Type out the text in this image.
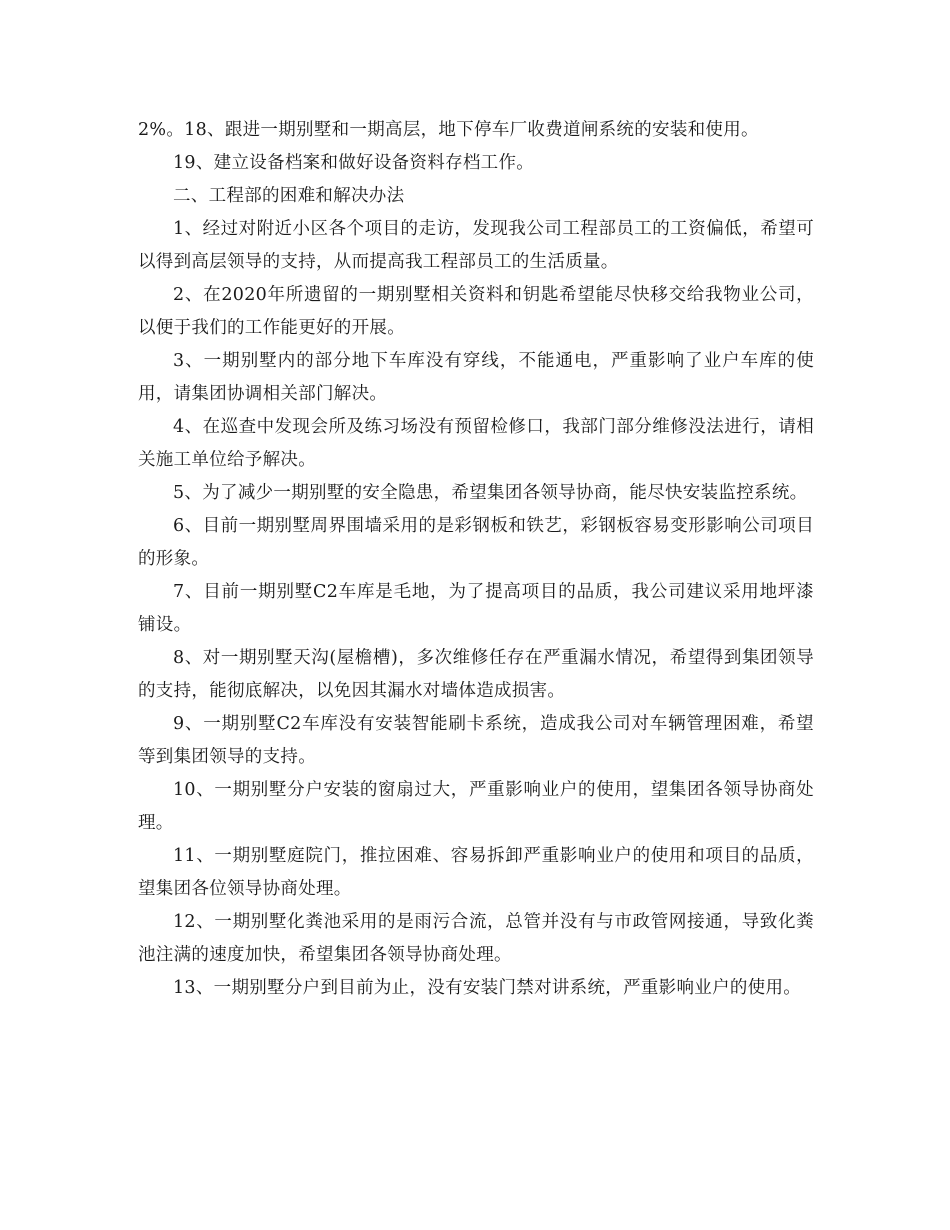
2%。18、跟进一期别墅和一期高层，地下停车厂收费道闸系统的安装和使用。

19、建立设备档案和做好设备资料存档工作。

二、工程部的困难和解决办法

1、经过对附近小区各个项目的走访，发现我公司工程部员工的工资偏低，希望可以得到高层领导的支持，从而提高我工程部员工的生活质量。

2、在2020年所遗留的一期别墅相关资料和钥匙希望能尽快移交给我物业公司，以便于我们的工作能更好的开展。

3、一期别墅内的部分地下车库没有穿线，不能通电，严重影响了业户车库的使用，请集团协调相关部门解决。

4、在巡查中发现会所及练习场没有预留检修口，我部门部分维修没法进行，请相关施工单位给予解决。

5、为了减少一期别墅的安全隐患，希望集团各领导协商，能尽快安装监控系统。

6、目前一期别墅周界围墙采用的是彩钢板和铁艺，彩钢板容易变形影响公司项目的形象。

7、目前一期别墅C2车库是毛地，为了提高项目的品质，我公司建议采用地坪漆铺设。

8、对一期别墅天沟(屋檐槽)，多次维修任存在严重漏水情况，希望得到集团领导的支持，能彻底解决，以免因其漏水对墙体造成损害。

9、一期别墅C2车库没有安装智能刷卡系统，造成我公司对车辆管理困难，希望等到集团领导的支持。

10、一期别墅分户安装的窗扇过大，严重影响业户的使用，望集团各领导协商处理。

11、一期别墅庭院门，推拉困难、容易拆卸严重影响业户的使用和项目的品质，望集团各位领导协商处理。

12、一期别墅化粪池采用的是雨污合流，总管并没有与市政管网接通，导致化粪池注满的速度加快，希望集团各领导协商处理。

13、一期别墅分户到目前为止，没有安装门禁对讲系统，严重影响业户的使用。
